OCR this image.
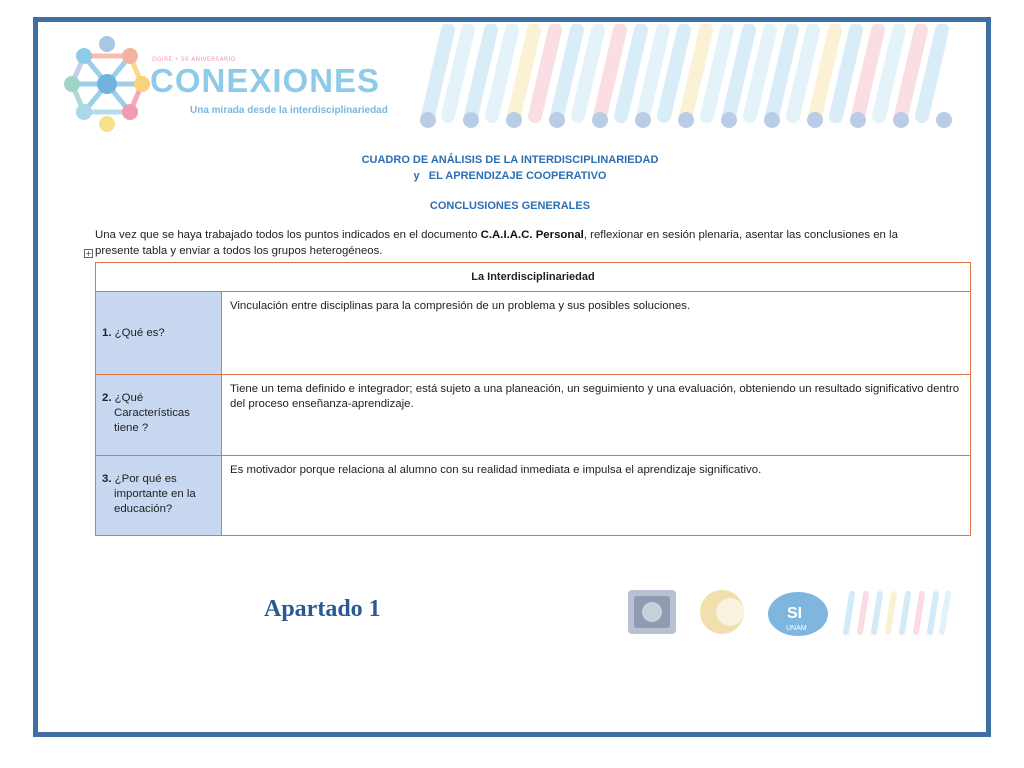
DGIRE • 50 ANIVERSARIO
CONEXIONES
Una mirada desde la interdisciplinariedad
CUADRO DE ANÁLISIS DE LA INTERDISCIPLINARIEDAD
y   EL APRENDIZAJE COOPERATIVO
CONCLUSIONES GENERALES
Una vez que se haya trabajado todos los puntos indicados en el documento C.A.I.A.C. Personal, reflexionar en sesión plenaria, asentar las conclusiones en la presente tabla y enviar a todos los grupos heterogéneos.
+
La Interdisciplinariedad	

1. ¿Qué es?	Vinculación entre disciplinas para la compresión de un problema y sus posibles soluciones.

2. ¿Qué Características tiene ?	Tiene un tema definido e integrador; está sujeto a una planeación, un seguimiento y una evaluación, obteniendo un resultado significativo dentro del proceso enseñanza-aprendizaje.

3. ¿Por qué es importante en la educación?	Es motivador porque relaciona al alumno con su realidad inmediata e impulsa el aprendizaje significativo.
Apartado 1	SI
UNAM
